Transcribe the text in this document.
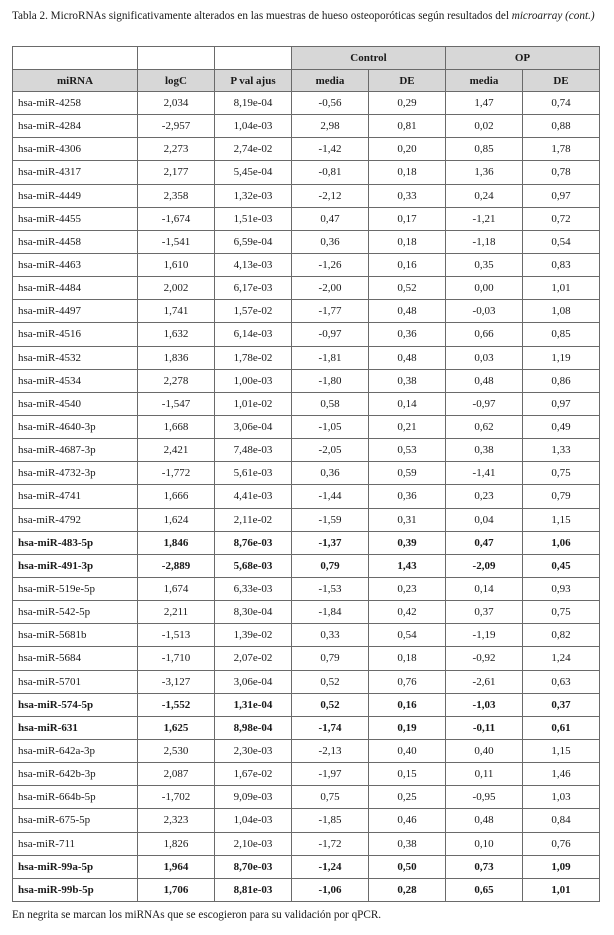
Tabla 2. MicroRNAs significativamente alterados en las muestras de hueso osteoporóticas según resultados del microarray (cont.)
			Control		OP	
miRNA	logC	P val ajus	media	DE	media	DE
hsa-miR-4258	2,034	8,19e-04	-0,56	0,29	1,47	0,74
hsa-miR-4284	-2,957	1,04e-03	2,98	0,81	0,02	0,88
hsa-miR-4306	2,273	2,74e-02	-1,42	0,20	0,85	1,78
hsa-miR-4317	2,177	5,45e-04	-0,81	0,18	1,36	0,78
hsa-miR-4449	2,358	1,32e-03	-2,12	0,33	0,24	0,97
hsa-miR-4455	-1,674	1,51e-03	0,47	0,17	-1,21	0,72
hsa-miR-4458	-1,541	6,59e-04	0,36	0,18	-1,18	0,54
hsa-miR-4463	1,610	4,13e-03	-1,26	0,16	0,35	0,83
hsa-miR-4484	2,002	6,17e-03	-2,00	0,52	0,00	1,01
hsa-miR-4497	1,741	1,57e-02	-1,77	0,48	-0,03	1,08
hsa-miR-4516	1,632	6,14e-03	-0,97	0,36	0,66	0,85
hsa-miR-4532	1,836	1,78e-02	-1,81	0,48	0,03	1,19
hsa-miR-4534	2,278	1,00e-03	-1,80	0,38	0,48	0,86
hsa-miR-4540	-1,547	1,01e-02	0,58	0,14	-0,97	0,97
hsa-miR-4640-3p	1,668	3,06e-04	-1,05	0,21	0,62	0,49
hsa-miR-4687-3p	2,421	7,48e-03	-2,05	0,53	0,38	1,33
hsa-miR-4732-3p	-1,772	5,61e-03	0,36	0,59	-1,41	0,75
hsa-miR-4741	1,666	4,41e-03	-1,44	0,36	0,23	0,79
hsa-miR-4792	1,624	2,11e-02	-1,59	0,31	0,04	1,15
hsa-miR-483-5p	1,846	8,76e-03	-1,37	0,39	0,47	1,06
hsa-miR-491-3p	-2,889	5,68e-03	0,79	1,43	-2,09	0,45
hsa-miR-519e-5p	1,674	6,33e-03	-1,53	0,23	0,14	0,93
hsa-miR-542-5p	2,211	8,30e-04	-1,84	0,42	0,37	0,75
hsa-miR-5681b	-1,513	1,39e-02	0,33	0,54	-1,19	0,82
hsa-miR-5684	-1,710	2,07e-02	0,79	0,18	-0,92	1,24
hsa-miR-5701	-3,127	3,06e-04	0,52	0,76	-2,61	0,63
hsa-miR-574-5p	-1,552	1,31e-04	0,52	0,16	-1,03	0,37
hsa-miR-631	1,625	8,98e-04	-1,74	0,19	-0,11	0,61
hsa-miR-642a-3p	2,530	2,30e-03	-2,13	0,40	0,40	1,15
hsa-miR-642b-3p	2,087	1,67e-02	-1,97	0,15	0,11	1,46
hsa-miR-664b-5p	-1,702	9,09e-03	0,75	0,25	-0,95	1,03
hsa-miR-675-5p	2,323	1,04e-03	-1,85	0,46	0,48	0,84
hsa-miR-711	1,826	2,10e-03	-1,72	0,38	0,10	0,76
hsa-miR-99a-5p	1,964	8,70e-03	-1,24	0,50	0,73	1,09
hsa-miR-99b-5p	1,706	8,81e-03	-1,06	0,28	0,65	1,01
En negrita se marcan los miRNAs que se escogieron para su validación por qPCR.
